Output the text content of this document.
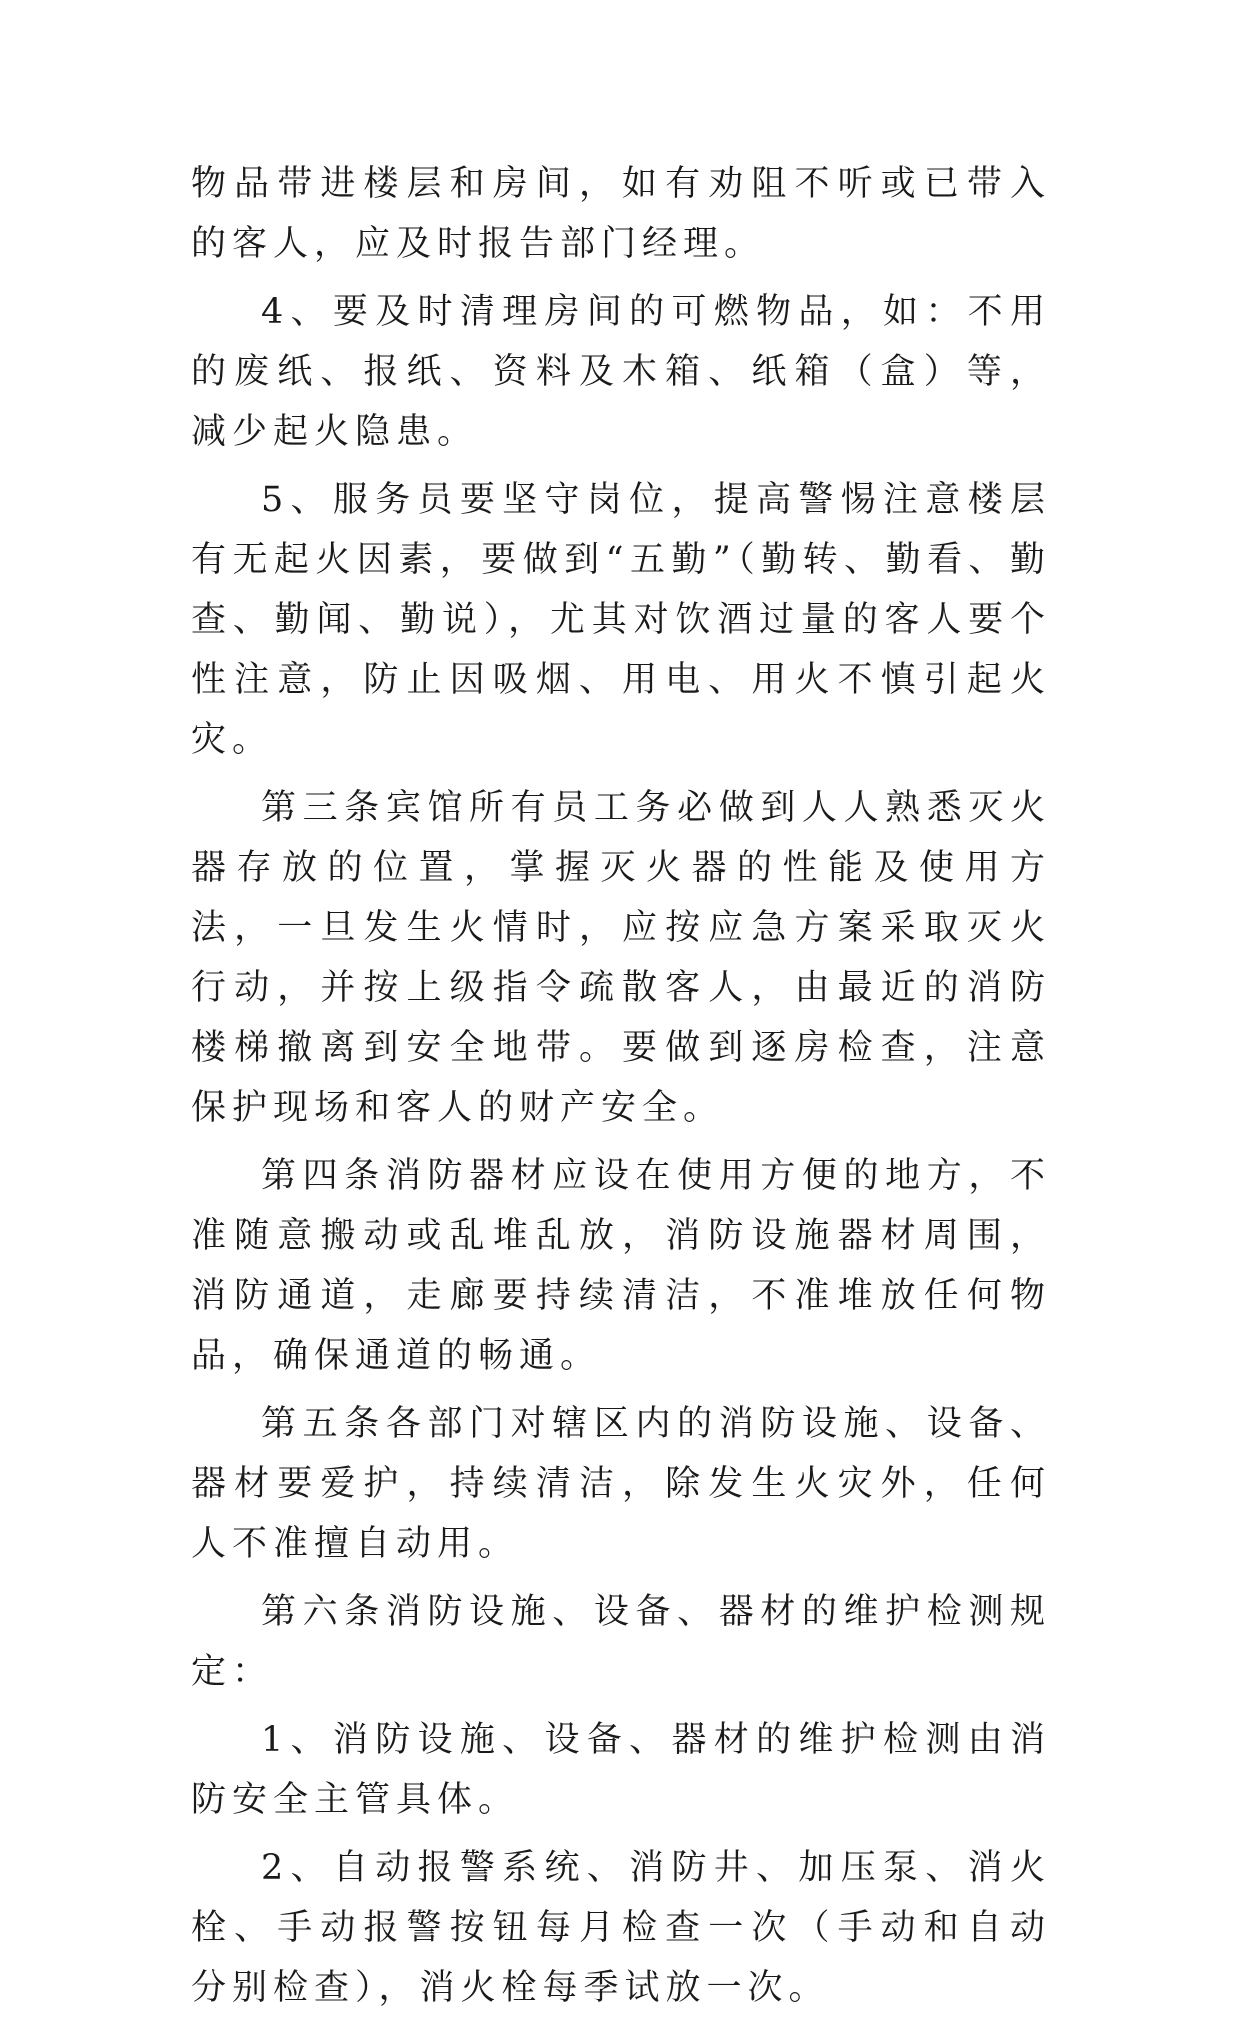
物品带进楼层和房间，如有劝阻不听或已带入的客人，应及时报告部门经理。

4、要及时清理房间的可燃物品，如：不用的废纸、报纸、资料及木箱、纸箱（盒）等，减少起火隐患。

5、服务员要坚守岗位，提高警惕注意楼层有无起火因素，要做到“五勤”（勤转、勤看、勤查、勤闻、勤说），尤其对饮酒过量的客人要个性注意，防止因吸烟、用电、用火不慎引起火灾。

第三条宾馆所有员工务必做到人人熟悉灭火器存放的位置，掌握灭火器的性能及使用方法，一旦发生火情时，应按应急方案采取灭火行动，并按上级指令疏散客人，由最近的消防楼梯撤离到安全地带。要做到逐房检查，注意保护现场和客人的财产安全。

第四条消防器材应设在使用方便的地方，不准随意搬动或乱堆乱放，消防设施器材周围，消防通道，走廊要持续清洁，不准堆放任何物品，确保通道的畅通。

第五条各部门对辖区内的消防设施、设备、器材要爱护，持续清洁，除发生火灾外，任何人不准擅自动用。

第六条消防设施、设备、器材的维护检测规定：

1、消防设施、设备、器材的维护检测由消防安全主管具体。

2、自动报警系统、消防井、加压泵、消火栓、手动报警按钮每月检查一次（手动和自动分别检查），消火栓每季试放一次。
